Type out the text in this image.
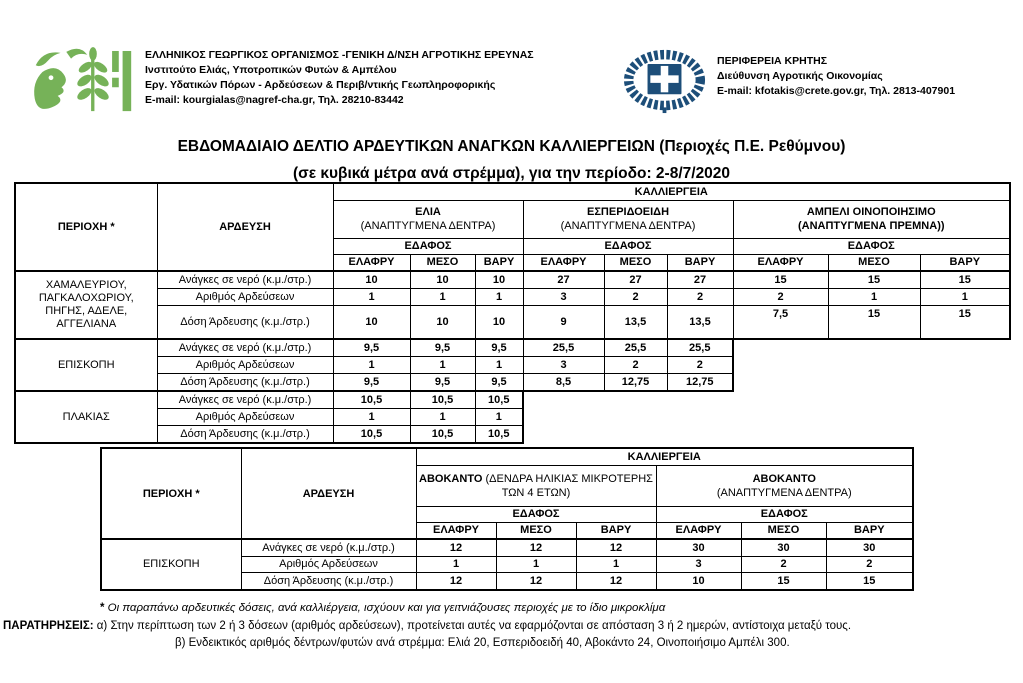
ΕΛΛΗΝΙΚΟΣ ΓΕΩΡΓΙΚΟΣ ΟΡΓΑΝΙΣΜΟΣ -ΓΕΝΙΚΗ Δ/ΝΣΗ ΑΓΡΟΤΙΚΗΣ ΕΡΕΥΝΑΣ
Ινστιτούτο Ελιάς, Υποτροπικών Φυτών & Αμπέλου
Εργ. Υδατικών Πόρων - Αρδεύσεων & Περιβ/ντικής Γεωπληροφορικής
E-mail: kourgialas@nagref-cha.gr, Τηλ. 28210-83442
ΠΕΡΙΦΕΡΕΙΑ ΚΡΗΤΗΣ
Διεύθυνση Αγροτικής Οικονομίας
E-mail: kfotakis@crete.gov.gr, Τηλ. 2813-407901
ΕΒΔΟΜΑΔΙΑΙΟ ΔΕΛΤΙΟ ΑΡΔΕΥΤΙΚΩΝ ΑΝΑΓΚΩΝ ΚΑΛΛΙΕΡΓΕΙΩΝ (Περιοχές Π.Ε. Ρεθύμνου)
(σε κυβικά μέτρα ανά στρέμμα), για την περίοδο: 2-8/7/2020
ΠΕΡΙΟΧΗ *	ΑΡΔΕΥΣΗ	ΚΑΛΛΙΕΡΓΕΙΑ								

		ΕΛΙΑ
(ΑΝΑΠΤΥΓΜΕΝΑ ΔΕΝΤΡΑ)			ΕΣΠΕΡΙΔΟΕΙΔΗ
(ΑΝΑΠΤΥΓΜΕΝΑ ΔΕΝΤΡΑ)			ΑΜΠΕΛΙ ΟΙΝΟΠΟΙΗΣΙΜΟ
(ΑΝΑΠΤΥΓΜΕΝΑ ΠΡΕΜΝΑ))		

		ΕΔΑΦΟΣ			ΕΔΑΦΟΣ			ΕΔΑΦΟΣ		
		ΕΛΑΦΡΥ	ΜΕΣΟ	ΒΑΡΥ	ΕΛΑΦΡΥ	ΜΕΣΟ	ΒΑΡΥ	ΕΛΑΦΡΥ	ΜΕΣΟ	ΒΑΡΥ
ΧΑΜΑΛΕΥΡΙΟΥ, ΠΑΓΚΑΛΟΧΩΡΙΟΥ, ΠΗΓΗΣ, ΑΔΕΛΕ, ΑΓΓΕΛΙΑΝΑ	Ανάγκες σε νερό (κ.μ./στρ.)	10	10	10	27	27	27	15	15	15
	Αριθμός Αρδεύσεων	1	1	1	3	2	2	2	1	1
	Δόση Άρδευσης (κ.μ./στρ.)	10	10	10	9	13,5	13,5	7,5	15	15
ΕΠΙΣΚΟΠΗ	Ανάγκες σε νερό (κ.μ./στρ.)	9,5	9,5	9,5	25,5	25,5	25,5			
	Αριθμός Αρδεύσεων	1	1	1	3	2	2			
	Δόση Άρδευσης (κ.μ./στρ.)	9,5	9,5	9,5	8,5	12,75	12,75			
ΠΛΑΚΙΑΣ	Ανάγκες σε νερό (κ.μ./στρ.)	10,5	10,5	10,5						
	Αριθμός Αρδεύσεων	1	1	1						
	Δόση Άρδευσης (κ.μ./στρ.)	10,5	10,5	10,5						
ΠΕΡΙΟΧΗ *	ΑΡΔΕΥΣΗ	ΚΑΛΛΙΕΡΓΕΙΑ					
		ΑΒΟΚΑΝΤΟ (ΔΕΝΔΡΑ ΗΛΙΚΙΑΣ ΜΙΚΡΟΤΕΡΗΣ ΤΩΝ 4 ΕΤΩΝ)			ΑΒΟΚΑΝΤΟ
(ΑΝΑΠΤΥΓΜΕΝΑ ΔΕΝΤΡΑ)		

		ΕΔΑΦΟΣ			ΕΔΑΦΟΣ		
		ΕΛΑΦΡΥ	ΜΕΣΟ	ΒΑΡΥ	ΕΛΑΦΡΥ	ΜΕΣΟ	ΒΑΡΥ
ΕΠΙΣΚΟΠΗ	Ανάγκες σε νερό (κ.μ./στρ.)	12	12	12	30	30	30
	Αριθμός Αρδεύσεων	1	1	1	3	2	2
	Δόση Άρδευσης (κ.μ./στρ.)	12	12	12	10	15	15
* Οι παραπάνω αρδευτικές δόσεις, ανά καλλιέργεια, ισχύουν και για γειτνιάζουσες περιοχές με το ίδιο μικροκλίμα
ΠΑΡΑΤΗΡΗΣΕΙΣ: α) Στην περίπτωση των 2 ή 3 δόσεων (αριθμός αρδεύσεων), προτείνεται αυτές να εφαρμόζονται σε απόσταση 3 ή 2 ημερών, αντίστοιχα μεταξύ τους.
β) Ενδεικτικός αριθμός δέντρων/φυτών ανά στρέμμα: Ελιά 20, Εσπεριδοειδή 40, Αβοκάντο 24, Οινοποιήσιμο Αμπέλι 300.
